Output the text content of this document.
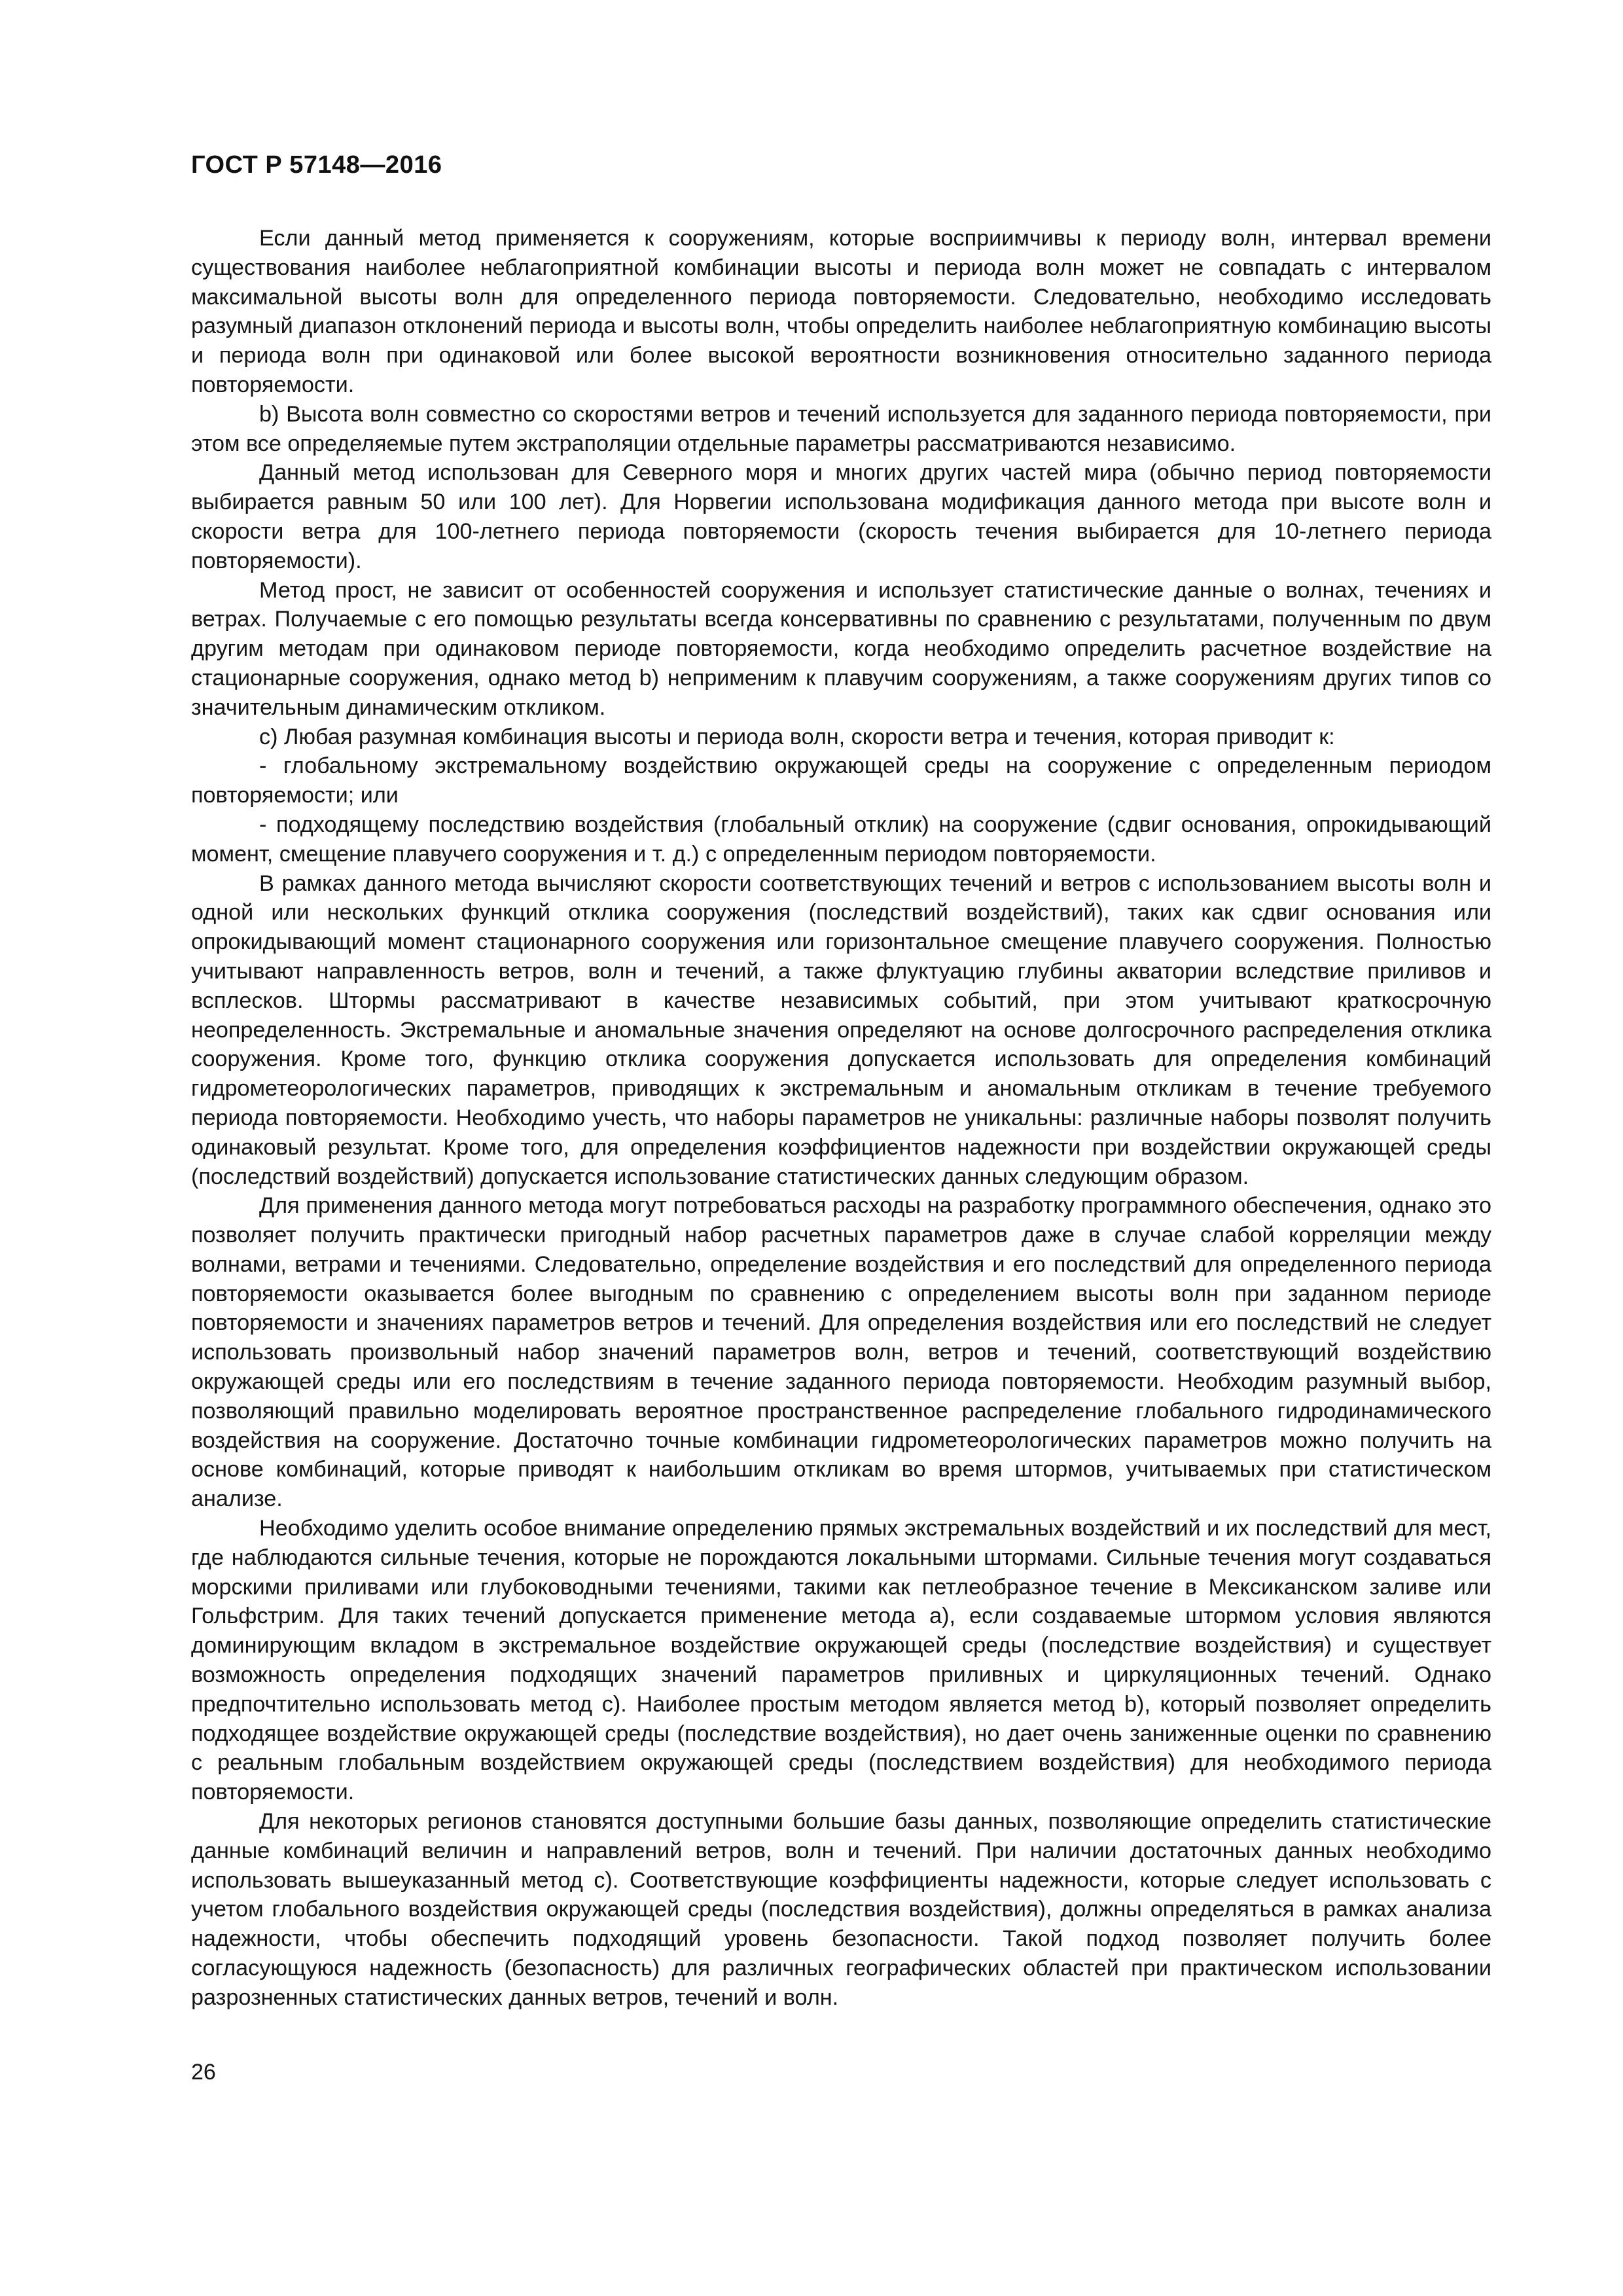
ГОСТ Р 57148—2016

Если данный метод применяется к сооружениям, которые восприимчивы к периоду волн, интервал времени существования наиболее неблагоприятной комбинации высоты и периода волн может не совпадать с интервалом максимальной высоты волн для определенного периода повторяемости. Следовательно, необходимо исследовать разумный диапазон отклонений периода и высоты волн, чтобы определить наиболее неблагоприятную комбинацию высоты и периода волн при одинаковой или более высокой вероятности возникновения относительно заданного периода повторяемости.

b) Высота волн совместно со скоростями ветров и течений используется для заданного периода повторяемости, при этом все определяемые путем экстраполяции отдельные параметры рассматриваются независимо.

Данный метод использован для Северного моря и многих других частей мира (обычно период повторяемости выбирается равным 50 или 100 лет). Для Норвегии использована модификация данного метода при высоте волн и скорости ветра для 100-летнего периода повторяемости (скорость течения выбирается для 10-летнего периода повторяемости).

Метод прост, не зависит от особенностей сооружения и использует статистические данные о волнах, течениях и ветрах. Получаемые с его помощью результаты всегда консервативны по сравнению с результатами, полученным по двум другим методам при одинаковом периоде повторяемости, когда необходимо определить расчетное воздействие на стационарные сооружения, однако метод b) неприменим к плавучим сооружениям, а также сооружениям других типов со значительным динамическим откликом.

с) Любая разумная комбинация высоты и периода волн, скорости ветра и течения, которая приводит к:

- глобальному экстремальному воздействию окружающей среды на сооружение с определенным периодом повторяемости; или

- подходящему последствию воздействия (глобальный отклик) на сооружение (сдвиг основания, опрокидывающий момент, смещение плавучего сооружения и т. д.) с определенным периодом повторяемости.

В рамках данного метода вычисляют скорости соответствующих течений и ветров с использованием высоты волн и одной или нескольких функций отклика сооружения (последствий воздействий), таких как сдвиг основания или опрокидывающий момент стационарного сооружения или горизонтальное смещение плавучего сооружения. Полностью учитывают направленность ветров, волн и течений, а также флуктуацию глубины акватории вследствие приливов и всплесков. Штормы рассматривают в качестве независимых событий, при этом учитывают краткосрочную неопределенность. Экстремальные и аномальные значения определяют на основе долгосрочного распределения отклика сооружения. Кроме того, функцию отклика сооружения допускается использовать для определения комбинаций гидрометеорологических параметров, приводящих к экстремальным и аномальным откликам в течение требуемого периода повторяемости. Необходимо учесть, что наборы параметров не уникальны: различные наборы позволят получить одинаковый результат. Кроме того, для определения коэффициентов надежности при воздействии окружающей среды (последствий воздействий) допускается использование статистических данных следующим образом.

Для применения данного метода могут потребоваться расходы на разработку программного обеспечения, однако это позволяет получить практически пригодный набор расчетных параметров даже в случае слабой корреляции между волнами, ветрами и течениями. Следовательно, определение воздействия и его последствий для определенного периода повторяемости оказывается более выгодным по сравнению с определением высоты волн при заданном периоде повторяемости и значениях параметров ветров и течений. Для определения воздействия или его последствий не следует использовать произвольный набор значений параметров волн, ветров и течений, соответствующий воздействию окружающей среды или его последствиям в течение заданного периода повторяемости. Необходим разумный выбор, позволяющий правильно моделировать вероятное пространственное распределение глобального гидродинамического воздействия на сооружение. Достаточно точные комбинации гидрометеорологических параметров можно получить на основе комбинаций, которые приводят к наибольшим откликам во время штормов, учитываемых при статистическом анализе.

Необходимо уделить особое внимание определению прямых экстремальных воздействий и их последствий для мест, где наблюдаются сильные течения, которые не порождаются локальными штормами. Сильные течения могут создаваться морскими приливами или глубоководными течениями, такими как петлеобразное течение в Мексиканском заливе или Гольфстрим. Для таких течений допускается применение метода а), если создаваемые штормом условия являются доминирующим вкладом в экстремальное воздействие окружающей среды (последствие воздействия) и существует возможность определения подходящих значений параметров приливных и циркуляционных течений. Однако предпочтительно использовать метод с). Наиболее простым методом является метод b), который позволяет определить подходящее воздействие окружающей среды (последствие воздействия), но дает очень заниженные оценки по сравнению с реальным глобальным воздействием окружающей среды (последствием воздействия) для необходимого периода повторяемости.

Для некоторых регионов становятся доступными большие базы данных, позволяющие определить статистические данные комбинаций величин и направлений ветров, волн и течений. При наличии достаточных данных необходимо использовать вышеуказанный метод с). Соответствующие коэффициенты надежности, которые следует использовать с учетом глобального воздействия окружающей среды (последствия воздействия), должны определяться в рамках анализа надежности, чтобы обеспечить подходящий уровень безопасности. Такой подход позволяет получить более согласующуюся надежность (безопасность) для различных географических областей при практическом использовании разрозненных статистических данных ветров, течений и волн.

26
